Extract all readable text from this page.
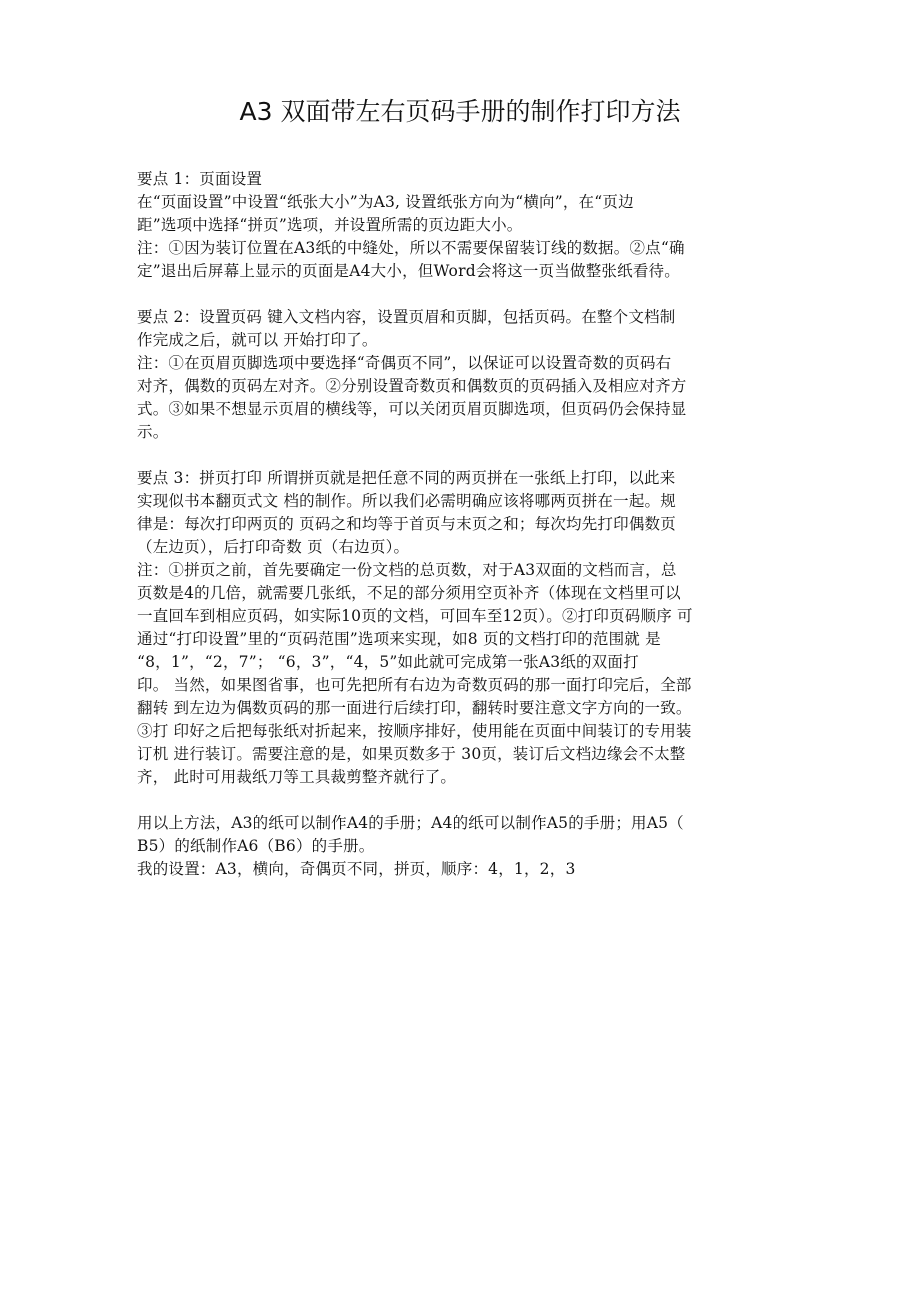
A3 双面带左右页码手册的制作打印方法
要点 1：页面设置
在“页面设置”中设置“纸张大小”为A3, 设置纸张方向为“横向”，在“页边
距”选项中选择“拼页”选项，并设置所需的页边距大小。
注：①因为装订位置在A3纸的中缝处，所以不需要保留装订线的数据。②点“确
定”退出后屏幕上显示的页面是A4大小，但Word会将这一页当做整张纸看待。
要点 2：设置页码 键入文档内容，设置页眉和页脚，包括页码。在整个文档制
作完成之后，就可以 开始打印了。
注：①在页眉页脚选项中要选择“奇偶页不同”，以保证可以设置奇数的页码右
对齐，偶数的页码左对齐。②分别设置奇数页和偶数页的页码插入及相应对齐方
式。③如果不想显示页眉的横线等，可以关闭页眉页脚选项，但页码仍会保持显
示。
要点 3：拼页打印 所谓拼页就是把任意不同的两页拼在一张纸上打印，以此来
实现似书本翻页式文 档的制作。所以我们必需明确应该将哪两页拼在一起。规
律是：每次打印两页的 页码之和均等于首页与末页之和；每次均先打印偶数页
（左边页），后打印奇数 页（右边页）。
注：①拼页之前，首先要确定一份文档的总页数，对于A3双面的文档而言，总
页数是4的几倍，就需要几张纸，不足的部分须用空页补齐（体现在文档里可以
一直回车到相应页码，如实际10页的文档，可回车至12页）。②打印页码顺序 可
通过“打印设置”里的“页码范围”选项来实现，如8 页的文档打印的范围就 是
“8，1”，“2，7”； “6，3”，“4，5”如此就可完成第一张A3纸的双面打
印。 当然，如果图省事，也可先把所有右边为奇数页码的那一面打印完后，全部
翻转 到左边为偶数页码的那一面进行后续打印，翻转时要注意文字方向的一致。
③打 印好之后把每张纸对折起来，按顺序排好，使用能在页面中间装订的专用装
订机 进行装订。需要注意的是，如果页数多于 30页，装订后文档边缘会不太整
齐， 此时可用裁纸刀等工具裁剪整齐就行了。
用以上方法，A3的纸可以制作A4的手册；A4的纸可以制作A5的手册；用A5（
B5）的纸制作A6（B6）的手册。
我的设置：A3，横向，奇偶页不同，拼页，顺序：4，1，2，3
